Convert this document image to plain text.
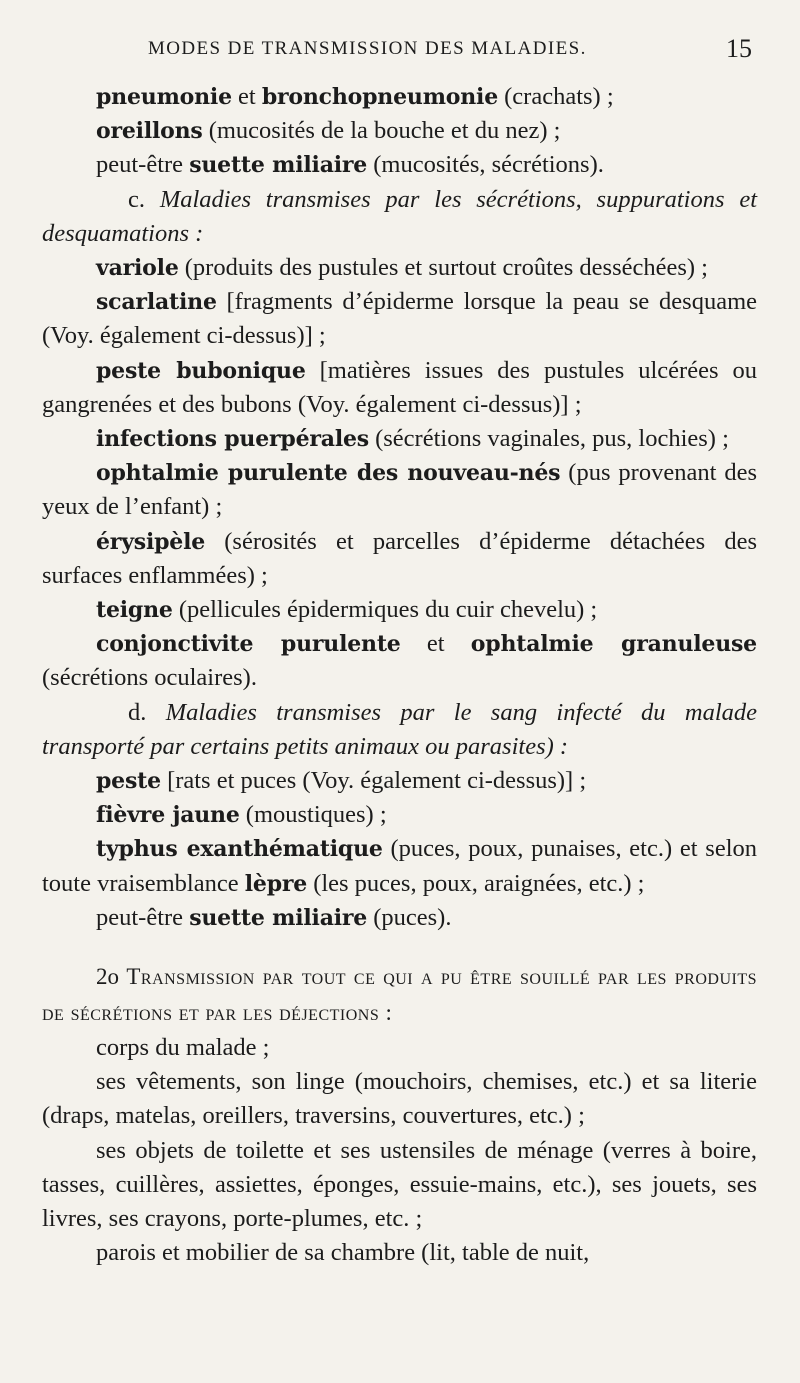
MODES DE TRANSMISSION DES MALADIES.	15

pneumonie et bronchopneumonie (crachats) ;

oreillons (mucosités de la bouche et du nez) ;

peut-être suette miliaire (mucosités, sécrétions).

c. Maladies transmises par les sécrétions, suppurations et desquamations :

variole (produits des pustules et surtout croûtes desséchées) ;

scarlatine [fragments d’épiderme lorsque la peau se desquame (Voy. également ci-dessus)] ;

peste bubonique [matières issues des pustules ulcérées ou gangrenées et des bubons (Voy. également ci-dessus)] ;

infections puerpérales (sécrétions vaginales, pus, lochies) ;

ophtalmie purulente des nouveau-nés (pus provenant des yeux de l’enfant) ;

érysipèle (sérosités et parcelles d’épiderme détachées des surfaces enflammées) ;

teigne (pellicules épidermiques du cuir chevelu) ;

conjonctivite purulente et ophtalmie granuleuse (sécrétions oculaires).

d. Maladies transmises par le sang infecté du malade transporté par certains petits animaux ou parasites) :

peste [rats et puces (Voy. également ci-dessus)] ;

fièvre jaune (moustiques) ;

typhus exanthématique (puces, poux, punaises, etc.) et selon toute vraisemblance lèpre (les puces, poux, araignées, etc.) ;

peut-être suette miliaire (puces).

2o Transmission par tout ce qui a pu être souillé par les produits de sécrétions et par les déjections :

corps du malade ;

ses vêtements, son linge (mouchoirs, chemises, etc.) et sa literie (draps, matelas, oreillers, traversins, couvertures, etc.) ;

ses objets de toilette et ses ustensiles de ménage (verres à boire, tasses, cuillères, assiettes, éponges, essuie-mains, etc.), ses jouets, ses livres, ses crayons, porte-plumes, etc. ;

parois et mobilier de sa chambre (lit, table de nuit,
